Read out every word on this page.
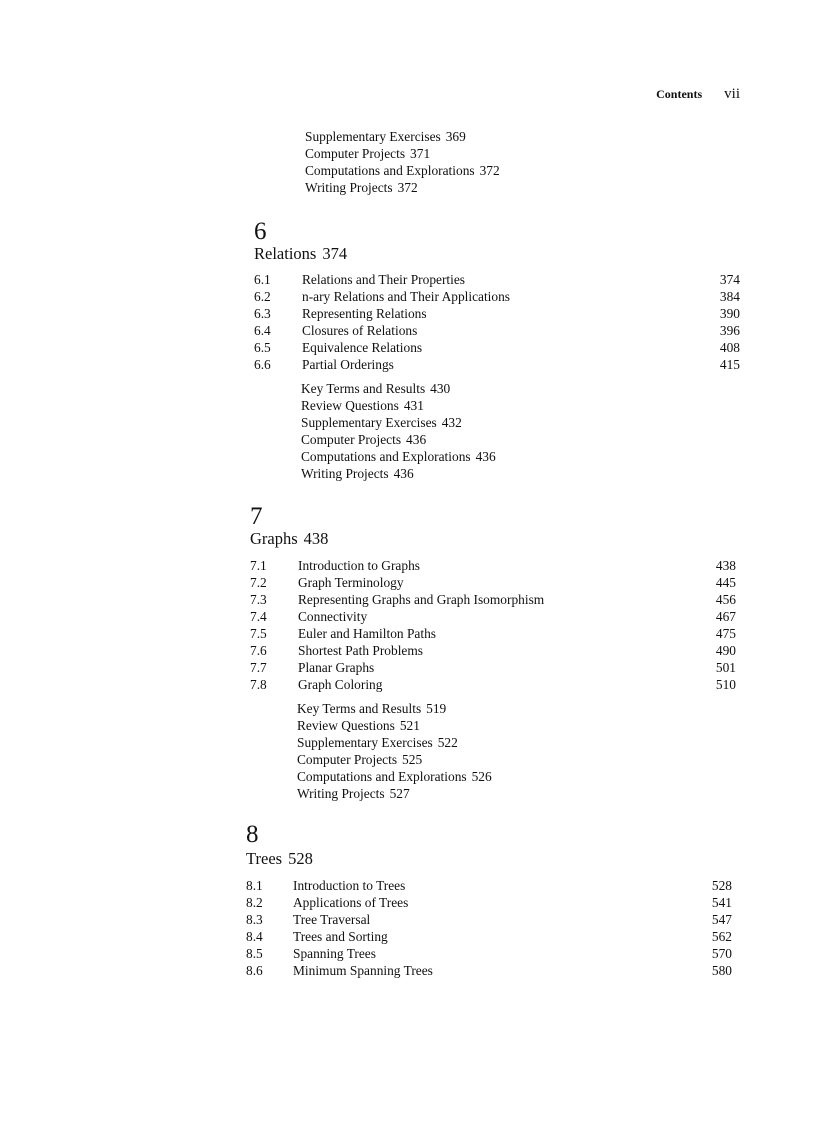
Contents vii
Supplementary Exercises 369
Computer Projects 371
Computations and Explorations 372
Writing Projects 372
6
Relations 374
6.1 Relations and Their Properties	374
6.2 n-ary Relations and Their Applications	384
6.3 Representing Relations	390
6.4 Closures of Relations	396
6.5 Equivalence Relations	408
6.6 Partial Orderings	415
Key Terms and Results 430
Review Questions 431
Supplementary Exercises 432
Computer Projects 436
Computations and Explorations 436
Writing Projects 436
7
Graphs 438
7.1 Introduction to Graphs	438
7.2 Graph Terminology	445
7.3 Representing Graphs and Graph Isomorphism	456
7.4 Connectivity	467
7.5 Euler and Hamilton Paths	475
7.6 Shortest Path Problems	490
7.7 Planar Graphs	501
7.8 Graph Coloring	510
Key Terms and Results 519
Review Questions 521
Supplementary Exercises 522
Computer Projects 525
Computations and Explorations 526
Writing Projects 527
8
Trees 528
8.1 Introduction to Trees	528
8.2 Applications of Trees	541
8.3 Tree Traversal	547
8.4 Trees and Sorting	562
8.5 Spanning Trees	570
8.6 Minimum Spanning Trees	580
